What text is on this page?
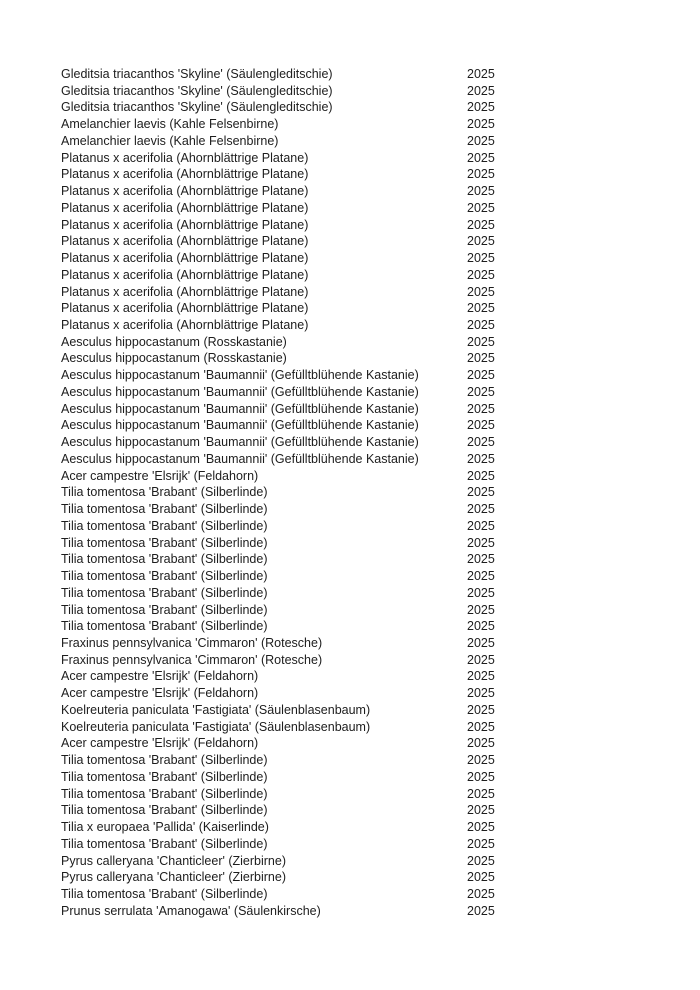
Gleditsia triacanthos 'Skyline' (Säulengleditschie)	2025
Gleditsia triacanthos 'Skyline' (Säulengleditschie)	2025
Gleditsia triacanthos 'Skyline' (Säulengleditschie)	2025
Amelanchier laevis (Kahle Felsenbirne)	2025
Amelanchier laevis (Kahle Felsenbirne)	2025
Platanus x acerifolia (Ahornblättrige Platane)	2025
Platanus x acerifolia (Ahornblättrige Platane)	2025
Platanus x acerifolia (Ahornblättrige Platane)	2025
Platanus x acerifolia (Ahornblättrige Platane)	2025
Platanus x acerifolia (Ahornblättrige Platane)	2025
Platanus x acerifolia (Ahornblättrige Platane)	2025
Platanus x acerifolia (Ahornblättrige Platane)	2025
Platanus x acerifolia (Ahornblättrige Platane)	2025
Platanus x acerifolia (Ahornblättrige Platane)	2025
Platanus x acerifolia (Ahornblättrige Platane)	2025
Platanus x acerifolia (Ahornblättrige Platane)	2025
Aesculus hippocastanum (Rosskastanie)	2025
Aesculus hippocastanum (Rosskastanie)	2025
Aesculus hippocastanum 'Baumannii' (Gefülltblühende Kastanie)	2025
Aesculus hippocastanum 'Baumannii' (Gefülltblühende Kastanie)	2025
Aesculus hippocastanum 'Baumannii' (Gefülltblühende Kastanie)	2025
Aesculus hippocastanum 'Baumannii' (Gefülltblühende Kastanie)	2025
Aesculus hippocastanum 'Baumannii' (Gefülltblühende Kastanie)	2025
Aesculus hippocastanum 'Baumannii' (Gefülltblühende Kastanie)	2025
Acer campestre 'Elsrijk' (Feldahorn)	2025
Tilia tomentosa 'Brabant' (Silberlinde)	2025
Tilia tomentosa 'Brabant' (Silberlinde)	2025
Tilia tomentosa 'Brabant' (Silberlinde)	2025
Tilia tomentosa 'Brabant' (Silberlinde)	2025
Tilia tomentosa 'Brabant' (Silberlinde)	2025
Tilia tomentosa 'Brabant' (Silberlinde)	2025
Tilia tomentosa 'Brabant' (Silberlinde)	2025
Tilia tomentosa 'Brabant' (Silberlinde)	2025
Tilia tomentosa 'Brabant' (Silberlinde)	2025
Fraxinus pennsylvanica 'Cimmaron' (Rotesche)	2025
Fraxinus pennsylvanica 'Cimmaron' (Rotesche)	2025
Acer campestre 'Elsrijk' (Feldahorn)	2025
Acer campestre 'Elsrijk' (Feldahorn)	2025
Koelreuteria paniculata 'Fastigiata' (Säulenblasenbaum)	2025
Koelreuteria paniculata 'Fastigiata' (Säulenblasenbaum)	2025
Acer campestre 'Elsrijk' (Feldahorn)	2025
Tilia tomentosa 'Brabant' (Silberlinde)	2025
Tilia tomentosa 'Brabant' (Silberlinde)	2025
Tilia tomentosa 'Brabant' (Silberlinde)	2025
Tilia tomentosa 'Brabant' (Silberlinde)	2025
Tilia x europaea 'Pallida' (Kaiserlinde)	2025
Tilia tomentosa 'Brabant' (Silberlinde)	2025
Pyrus calleryana 'Chanticleer' (Zierbirne)	2025
Pyrus calleryana 'Chanticleer' (Zierbirne)	2025
Tilia tomentosa 'Brabant' (Silberlinde)	2025
Prunus serrulata 'Amanogawa' (Säulenkirsche)	2025
